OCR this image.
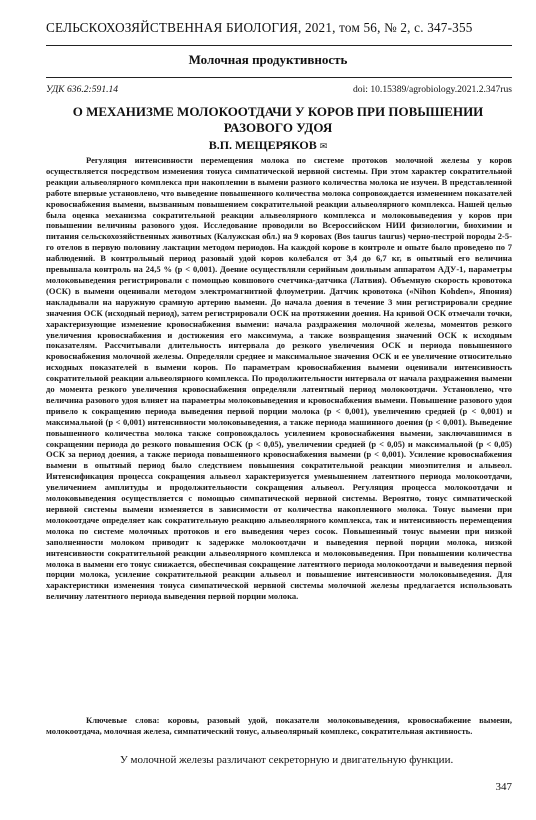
СЕЛЬСКОХОЗЯЙСТВЕННАЯ БИОЛОГИЯ, 2021, том 56, № 2, с. 347-355
Молочная продуктивность
УДК 636.2:591.14	doi: 10.15389/agrobiology.2021.2.347rus
О МЕХАНИЗМЕ МОЛОКООТДАЧИ У КОРОВ ПРИ ПОВЫШЕНИИ РАЗОВОГО УДОЯ
В.П. МЕЩЕРЯКОВ ✉
Регуляция интенсивности перемещения молока по системе протоков молочной железы у коров осуществляется посредством изменения тонуса симпатической нервной системы. При этом характер сократительной реакции альвеолярного комплекса при накоплении в вымени разного количества молока не изучен. В представленной работе впервые установлено, что выведение повышенного количества молока сопровождается изменением показателей кровоснабжения вымени, вызванным повышением сократительной реакции альвеолярного комплекса. Нашей целью была оценка механизма сократительной реакции альвеолярного комплекса и молоковыведения у коров при повышении величины разового удоя. Исследование проводили во Всероссийском НИИ физиологии, биохимии и питания сельскохозяйственных животных (Калужская обл.) на 9 коровах (Bos taurus taurus) черно-пестрой породы 2-5-го отелов в первую половину лактации методом периодов. На каждой корове в контроле и опыте было проведено по 7 наблюдений. В контрольный период разовый удой коров колебался от 3,4 до 6,7 кг, в опытный его величина превышала контроль на 24,5 % (p < 0,001). Доение осуществляли серийным доильным аппаратом АДУ-1, параметры молоковыведения регистрировали с помощью ковшового счетчика-датчика (Латвия). Объемную скорость кровотока (ОСК) в вымени оценивали методом электромагнитной флоуметрии. Датчик кровотока («Nihon Kohden», Япония) накладывали на наружную срамную артерию вымени. До начала доения в течение 3 мин регистрировали средние значения ОСК (исходный период), затем регистрировали ОСК на протяжении доения. На кривой ОСК отмечали точки, характеризующие изменение кровоснабжения вымени: начала раздражения молочной железы, моментов резкого увеличения кровоснабжения и достижения его максимума, а также возвращения значений ОСК к исходным показателям. Рассчитывали длительность интервала до резкого увеличения ОСК и периода повышенного кровоснабжения молочной железы. Определяли среднее и максимальное значения ОСК и ее увеличение относительно исходных показателей в вымени коров. По параметрам кровоснабжения вымени оценивали интенсивность сократительной реакции альвеолярного комплекса. По продолжительности интервала от начала раздражения вымени до момента резкого увеличения кровоснабжения определяли латентный период молокоотдачи. Установлено, что величина разового удоя влияет на параметры молоковыведения и кровоснабжения вымени. Повышение разового удоя привело к сокращению периода выведения первой порции молока (p < 0,001), увеличению средней (p < 0,001) и максимальной (p < 0,001) интенсивности молоковыведения, а также периода машинного доения (p < 0,001). Выведение повышенного количества молока также сопровождалось усилением кровоснабжения вымени, заключавшимся в сокращении периода до резкого повышения ОСК (p < 0,05), увеличении средней (p < 0,05) и максимальной (p < 0,05) ОСК за период доения, а также периода повышенного кровоснабжения вымени (p < 0,001). Усиление кровоснабжения вымени в опытный период было следствием повышения сократительной реакции миоэпителия и альвеол. Интенсификация процесса сокращения альвеол характеризуется уменьшением латентного периода молокоотдачи, увеличением амплитуды и продолжительности сокращения альвеол. Регуляция процесса молокоотдачи и молоковыведения осуществляется с помощью симпатической нервной системы. Вероятно, тонус симпатической нервной системы вымени изменяется в зависимости от количества накопленного молока. Тонус вымени при молокоотдаче определяет как сократительную реакцию альвеолярного комплекса, так и интенсивность перемещения молока по системе молочных протоков и его выведения через сосок. Повышенный тонус вымени при низкой заполненности молоком приводит к задержке молокоотдачи и выведения первой порции молока, низкой интенсивности сократительной реакции альвеолярного комплекса и молоковыведения. При повышении количества молока в вымени его тонус снижается, обеспечивая сокращение латентного периода молокоотдачи и выведения первой порции молока, усиление сократительной реакции альвеол и повышение интенсивности молоковыведения. Для характеристики изменения тонуса симпатической нервной системы молочной железы предлагается использовать величину латентного периода выведения первой порции молока.
Ключевые слова: коровы, разовый удой, показатели молоковыведения, кровоснабжение вымени, молокоотдача, молочная железа, симпатический тонус, альвеолярный комплекс, сократительная активность.
У молочной железы различают секреторную и двигательную функции.
347
